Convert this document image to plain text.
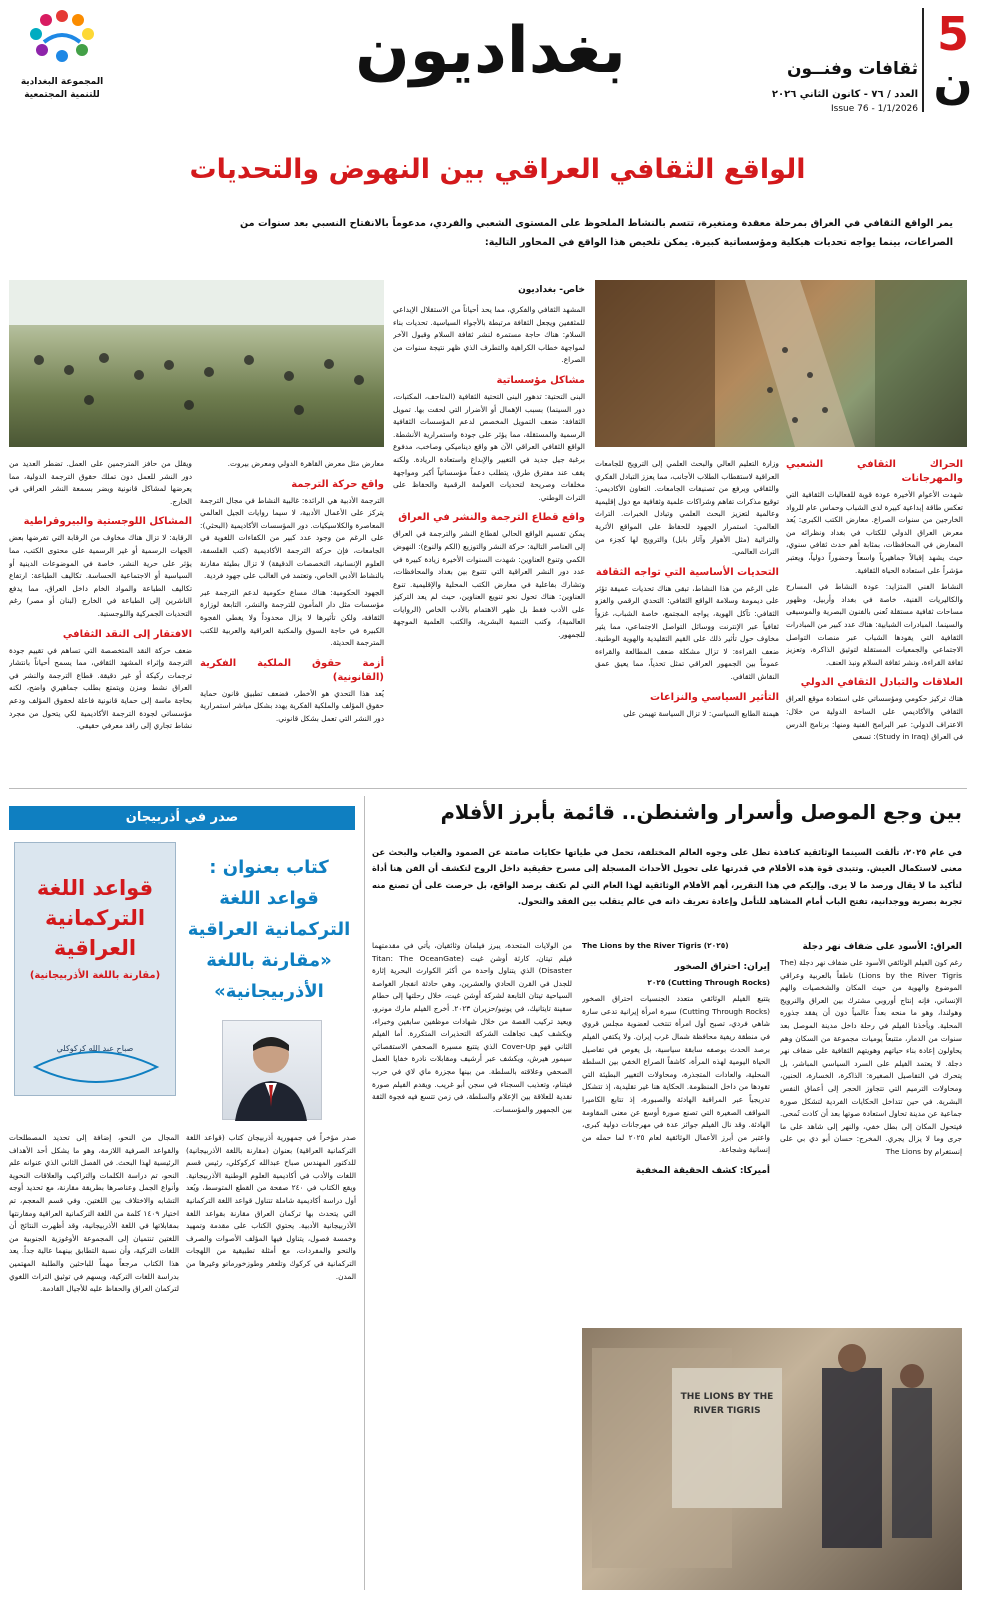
5
ن
ثقافات وفنــون
العدد / ٧٦ - كانون الثاني ٢٠٢٦
Issue 76 - 1/1/2026
بغداديون
المجموعة البغدادية
للتنمية المجتمعية
الواقع الثقافي العراقي بين النهوض والتحديات
يمر الواقع الثقافي في العراق بمرحلة معقدة ومتغيرة، تتسم بالنشاط الملحوظ على المستوى الشعبي والفردي، مدعوماً بالانفتاح النسبي بعد سنوات من الصراعات، بينما يواجه تحديات هيكلية ومؤسساتية كبيرة. يمكن تلخيص هذا الواقع في المحاور التالية:
الحراك الثقافي الشعبي والمهرجانات

شهدت الأعوام الأخيرة عودة قوية للفعاليات الثقافية التي تعكس طاقة إبداعية كبيرة لدى الشباب وحماس عام للرواد الخارجين من سنوات الصراع. معارض الكتب الكبرى: يُعد معرض العراق الدولي للكتاب في بغداد ونظرائه من المعارض في المحافظات، بمثابة أهم حدث ثقافي سنوي، حيث يشهد إقبالاً جماهيرياً واسعاً وحضوراً دولياً، ويعتبر مؤشراً على استعادة الحياة الثقافية.

النشاط الفني المتزايد: عودة النشاط في المسارح والكاليريات الفنية، خاصة في بغداد وأربيل، وظهور مساحات ثقافية مستقلة تُعنى بالفنون البصرية والموسيقى والسينما. المبادرات الشبابية: هناك عدد كبير من المبادرات الثقافية التي يقودها الشباب عبر منصات التواصل الاجتماعي والجمعيات المستقلة لتوثيق الذاكرة، وتعزيز ثقافة القراءة، ونشر ثقافة السلام ونبذ العنف.

العلاقات والتبادل الثقافي الدولي

هناك تركيز حكومي ومؤسساتي على استعادة موقع العراق الثقافي والأكاديمي على الساحة الدولية من خلال: الاعتراف الدولي: عبر البرامج الفنية ومنها: برنامج الدرس في العراق (Study in Iraq): تسعى

وزارة التعليم العالي والبحث العلمي إلى الترويج للجامعات العراقية لاستقطاب الطلاب الأجانب، مما يعزز التبادل الفكري والثقافي ويرفع من تصنيفات الجامعات. التعاون الأكاديمي: توقيع مذكرات تفاهم وشراكات علمية وثقافية مع دول إقليمية وعالمية لتعزيز البحث العلمي وتبادل الخبرات. التراث العالمي: استمرار الجهود للحفاظ على المواقع الأثرية والتراثية (مثل الأهوار وآثار بابل) والترويج لها كجزء من التراث العالمي.

التحديات الأساسية التي تواجه الثقافة

على الرغم من هذا النشاط، تبقى هناك تحديات عميقة تؤثر على ديمومة وسلامة الواقع الثقافي: التحدي الرقمي والغزو الثقافي: تآكل الهوية، يواجه المجتمع، خاصة الشباب، غزواً ثقافياً عبر الإنترنت ووسائل التواصل الاجتماعي، مما يثير مخاوف حول تأثير ذلك على القيم التقليدية والهوية الوطنية. ضعف القراءة: لا تزال مشكلة ضعف المطالعة والقراءة عموماً بين الجمهور العراقي تمثل تحدياً، مما يعيق عمق النقاش الثقافي.

التأثير السياسي والنزاعات

هيمنة الطابع السياسي: لا تزال السياسة تهيمن على

خاص- بغداديون

المشهد الثقافي والفكري، مما يحد أحياناً من الاستقلال الإبداعي للمثقفين ويجعل الثقافة مرتبطة بالأجواء السياسية. تحديات بناء السلام: هناك حاجة مستمرة لنشر ثقافة السلام وقبول الآخر لمواجهة خطاب الكراهية والتطرف الذي ظهر نتيجة سنوات من الصراع.

مشاكل مؤسساتية

البنى التحتية: تدهور البنى التحتية الثقافية (المتاحف، المكتبات، دور السينما) بسبب الإهمال أو الأضرار التي لحقت بها. تمويل الثقافة: ضعف التمويل المخصص لدعم المؤسسات الثقافية الرسمية والمستقلة، مما يؤثر على جودة واستمرارية الأنشطة. الواقع الثقافي العراقي الآن هو واقع ديناميكي وصاخب، مدفوع برغبة جيل جديد في التغيير والإبداع واستعادة الريادة. ولكنه يقف عند مفترق طرق، يتطلب دعماً مؤسساتياً أكبر ومواجهة مخلفات وصريحة لتحديات العولمة الرقمية والحفاظ على التراث الوطني.

واقع قطاع الترجمة والنشر في العراق

يمكن تقسيم الواقع الحالي لقطاع النشر والترجمة في العراق إلى العناصر التالية: حركة النشر والتوزيع (الكم والنوع): النهوض الكمي وتنوع العناوين: شهدت السنوات الأخيرة زيادة كبيرة في عدد دور النشر العراقية التي تتنوع بين بغداد والمحافظات، وتشارك بفاعلية في معارض الكتب المحلية والإقليمية. تنوع العناوين: هناك تحول نحو تنويع العناوين، حيث لم يعد التركيز على الأدب فقط بل ظهر الاهتمام بالأدب الخاص (الروايات العالمية)، وكتب التنمية البشرية، والكتب العلمية الموجهة للجمهور.

معارض مثل معرض القاهرة الدولي ومعرض بيروت.

واقع حركة الترجمة

الترجمة الأدبية هي الرائدة: غالبية النشاط في مجال الترجمة يتركز على الأعمال الأدبية، لا سيما روايات الجيل العالمي المعاصرة والكلاسيكيات. دور المؤسسات الأكاديمية (البحثي): على الرغم من وجود عدد كبير من الكفاءات اللغوية في الجامعات، فإن حركة الترجمة الأكاديمية (كتب الفلسفة، العلوم الإنسانية، التخصصات الدقيقة) لا تزال بطيئة مقارنة بالنشاط الأدبي الخاص، وتعتمد في الغالب على جهود فردية.

الجهود الحكومية: هناك مساع حكومية لدعم الترجمة عبر مؤسسات مثل دار المأمون للترجمة والنشر، التابعة لوزارة الثقافة، ولكن تأثيرها لا يزال محدوداً ولا يغطي الفجوة الكبيرة في حاجة السوق والمكتبة العراقية والعربية للكتب المترجمة الحديثة.

أزمة حقوق الملكية الفكرية (القانونية)

يُعد هذا التحدي هو الأخطر، فضعف تطبيق قانون حماية حقوق المؤلف والملكية الفكرية يهدد بشكل مباشر استمرارية دور النشر التي تعمل بشكل قانوني.

ويقلل من حافز المترجمين على العمل. تضطر العديد من دور النشر للعمل دون تملك حقوق الترجمة الدولية، مما يعرضها لمشاكل قانونية ويضر بسمعة النشر العراقي في الخارج.

المشاكل اللوجستية والبيروقراطية

الرقابة: لا تزال هناك مخاوف من الرقابة التي تفرضها بعض الجهات الرسمية أو غير الرسمية على محتوى الكتب، مما يؤثر على حرية النشر، خاصة في الموضوعات الدينية أو السياسية أو الاجتماعية الحساسة. تكاليف الطباعة: ارتفاع تكاليف الطباعة والمواد الخام داخل العراق، مما يدفع الناشرين إلى الطباعة في الخارج (لبنان أو مصر) رغم التحديات الجمركية واللوجستية.

الافتقار إلى النقد الثقافي

ضعف حركة النقد المتخصصة التي تساهم في تقييم جودة الترجمة وإثراء المشهد الثقافي، مما يسمح أحياناً بانتشار ترجمات ركيكة أو غير دقيقة. قطاع الترجمة والنشر في العراق نشط ومزن ويتمتع بطلب جماهيري واضح، لكنه بحاجة ماسة إلى حماية قانونية فاعلة لحقوق المؤلف ودعم مؤسساتي لجودة الترجمة الأكاديمية لكي يتحول من مجرد نشاط تجاري إلى رافد معرفي حقيقي.

بين وجع الموصل وأسرار واشنطن.. قائمة بأبرز الأفلام
في عام ٢٠٢٥، تألقت السينما الوثائقية كنافذة تطل على وجوه العالم المختلفة، تحمل في طياتها حكايات صامتة عن الصمود والغياب والبحث عن معنى لاستكمال العيش. وتتبدى قوة هذه الأفلام في قدرتها على تحويل الأحداث المسجلة إلى مسرح حقيقية داخل الروح لتكشف أن الفن هنا أداة لتأكيد ما لا يقال ورصد ما لا يرى. وإليكم في هذا التقرير، أهم الأفلام الوثائقية لهذا العام التي لم تكتف برصد الواقع، بل حرصت على أن تصنع منه تجربة بصرية ووجدانية، تفتح الباب أمام المشاهد للتأمل وإعادة تعريف ذاته في عالم يتقلب بين الفقد والتحول.
العراق: الأسود على ضفاف نهر دجلة

رغم كون الفيلم الوثائقي الأسود على ضفاف نهر دجلة (The Lions by the River Tigris) ناطقاً بالعربية وعراقي الموضوع والهوية من حيث المكان والشخصيات والهم الإنساني، فإنه إنتاج أوروبي مشترك بين العراق والنرويج وهولندا، وهو ما منحه بعداً عالمياً دون أن يفقد جذوره المحلية. ويأخذنا الفيلم في رحلة داخل مدينة الموصل بعد سنوات من الدمار، متتبعاً يوميات مجموعة من السكان وهم يحاولون إعادة بناء حياتهم وهويتهم الثقافية على ضفاف نهر دجلة. لا يعتمد الفيلم على السرد السياسي المباشر، بل يتحرك في التفاصيل الصغيرة: الذاكرة، الخسارة، الحنين، ومحاولات الترميم التي تتجاوز الحجر إلى أعماق النفس البشرية. في حين تتداخل الحكايات الفردية لتشكل صورة جماعية عن مدينة تحاول استعادة صوتها بعد أن كادت تُمحى. فيتحول المكان إلى بطل خفي، والنهر إلى شاهد على ما جرى وما لا يزال يجري. المخرج: حسان أبو دي بي على إنستغرام The Lions by

The Lions by the River Tigris (٢٠٢٥)

إيران: احتراق الصخور

(Cutting Through Rocks) ٢٠٢٥

يتتبع الفيلم الوثائقي متعدد الجنسيات احتراق الصخور (Cutting Through Rocks) سيرة امرأة إيرانية تدعى سارة شاهي فردي، تصبح أول امرأة تنتخب لعضوية مجلس قروي في منطقة ريفية محافظة شمال غرب إيران. ولا يكتفي الفيلم برصد الحدث بوصفه سابقة سياسية، بل يغوص في تفاصيل الحياة اليومية لهذه المرأة، كاشفاً الصراع الخفي بين السلطة المحلية، والعادات المتجذرة، ومحاولات التغيير البطيئة التي تقودها من داخل المنظومة. الحكاية هنا غير تقليدية، إذ تتشكل تدريجياً عبر المراقبة الهادئة والصبورة، إذ تتابع الكاميرا المواقف الصغيرة التي تصنع صورة أوسع عن معنى المقاومة الهادئة. وقد نال الفيلم جوائز عدة في مهرجانات دولية كبرى، واعتبر من أبرز الأعمال الوثائقية لعام ٢٠٢٥ لما حمله من إنسانية وشجاعة.

أميركا: كشف الحقيقة المخفية

من الولايات المتحدة، يبرز فيلمان وثائقيان، يأتي في مقدمتهما فيلم تيتان، كارثة أوشن غيت (Titan: The OceanGate Disaster) الذي يتناول واحدة من أكثر الكوارث البحرية إثارة للجدل في القرن الحادي والعشرين، وهي حادثة انفجار الغواصة السياحية تيتان التابعة لشركة أوشن غيت، خلال رحلتها إلى حطام سفينة تايتانيك، في يونيو/حزيران ٢٠٢٣. أخرج الفيلم مارك مونرو، ويعيد تركيب القصة من خلال شهادات موظفين سابقين وخبراء، ويكشف كيف تجاهلت الشركة التحذيرات المتكررة. أما الفيلم الثاني فهو Cover-Up الذي يتتبع مسيرة الصحفي الاستقصائي سيمور هيرش، ويكشف عبر أرشيف ومقابلات نادرة خفايا العمل الصحفي وعلاقته بالسلطة. من بينها مجزرة ماي لاي في حرب فيتنام، وتعذيب السجناء في سجن أبو غريب. ويقدم الفيلم صورة نقدية للعلاقة بين الإعلام والسلطة، في زمن تتسع فيه فجوة الثقة بين الجمهور والمؤسسات.

THE LIONS BY THE RIVER TIGRIS
صدر في أذربيجان
قواعد اللغة التركمانية العراقية
(مقارنة باللغة الأذربيجانية)
صباح عبد الله كركوكلي
كتاب بعنوان : قواعد اللغة التركمانية العراقية «مقارنة باللغة الأذربيجانية»

صدر مؤخراً في جمهورية أذربيجان كتاب (قواعد اللغة التركمانية العراقية) بعنوان (مقارنة باللغة الأذربيجانية) للدكتور المهندس صباح عبدالله كركوكلي، رئيس قسم اللغات والأدب في أكاديمية العلوم الوطنية الأذربيجانية. ويقع الكتاب في ٢٤٠ صفحة من القطع المتوسط، ويُعد أول دراسة أكاديمية شاملة تتناول قواعد اللغة التركمانية التي يتحدث بها تركمان العراق مقارنة بقواعد اللغة الأذربيجانية الأدبية. يحتوي الكتاب على مقدمة وتمهيد وخمسة فصول، يتناول فيها المؤلف الأصوات والصرف والنحو والمفردات، مع أمثلة تطبيقية من اللهجات التركمانية في كركوك وتلعفر وطوزخورماتو وغيرها من المدن.

المجال من النحو، إضافة إلى تحديد المصطلحات والقواعد الصرفية اللازمة، وهو ما يشكل أحد الأهداف الرئيسية لهذا البحث. في الفصل الثاني الذي عنوانه علم النحو، تم دراسة الكلمات والتراكيب والعلاقات النحوية وأنواع الجمل وعناصرها بطريقة مقارنة، مع تحديد أوجه التشابه والاختلاف بين اللغتين. وفي قسم المعجم، تم اختيار ١٤٠٩ كلمة من اللغة التركمانية العراقية ومقارنتها بمقابلاتها في اللغة الأذربيجانية، وقد أظهرت النتائج أن اللغتين تنتميان إلى المجموعة الأوغوزية الجنوبية من اللغات التركية، وأن نسبة التطابق بينهما عالية جداً. يعد هذا الكتاب مرجعاً مهماً للباحثين والطلبة المهتمين بدراسة اللغات التركية، ويسهم في توثيق التراث اللغوي لتركمان العراق والحفاظ عليه للأجيال القادمة.
